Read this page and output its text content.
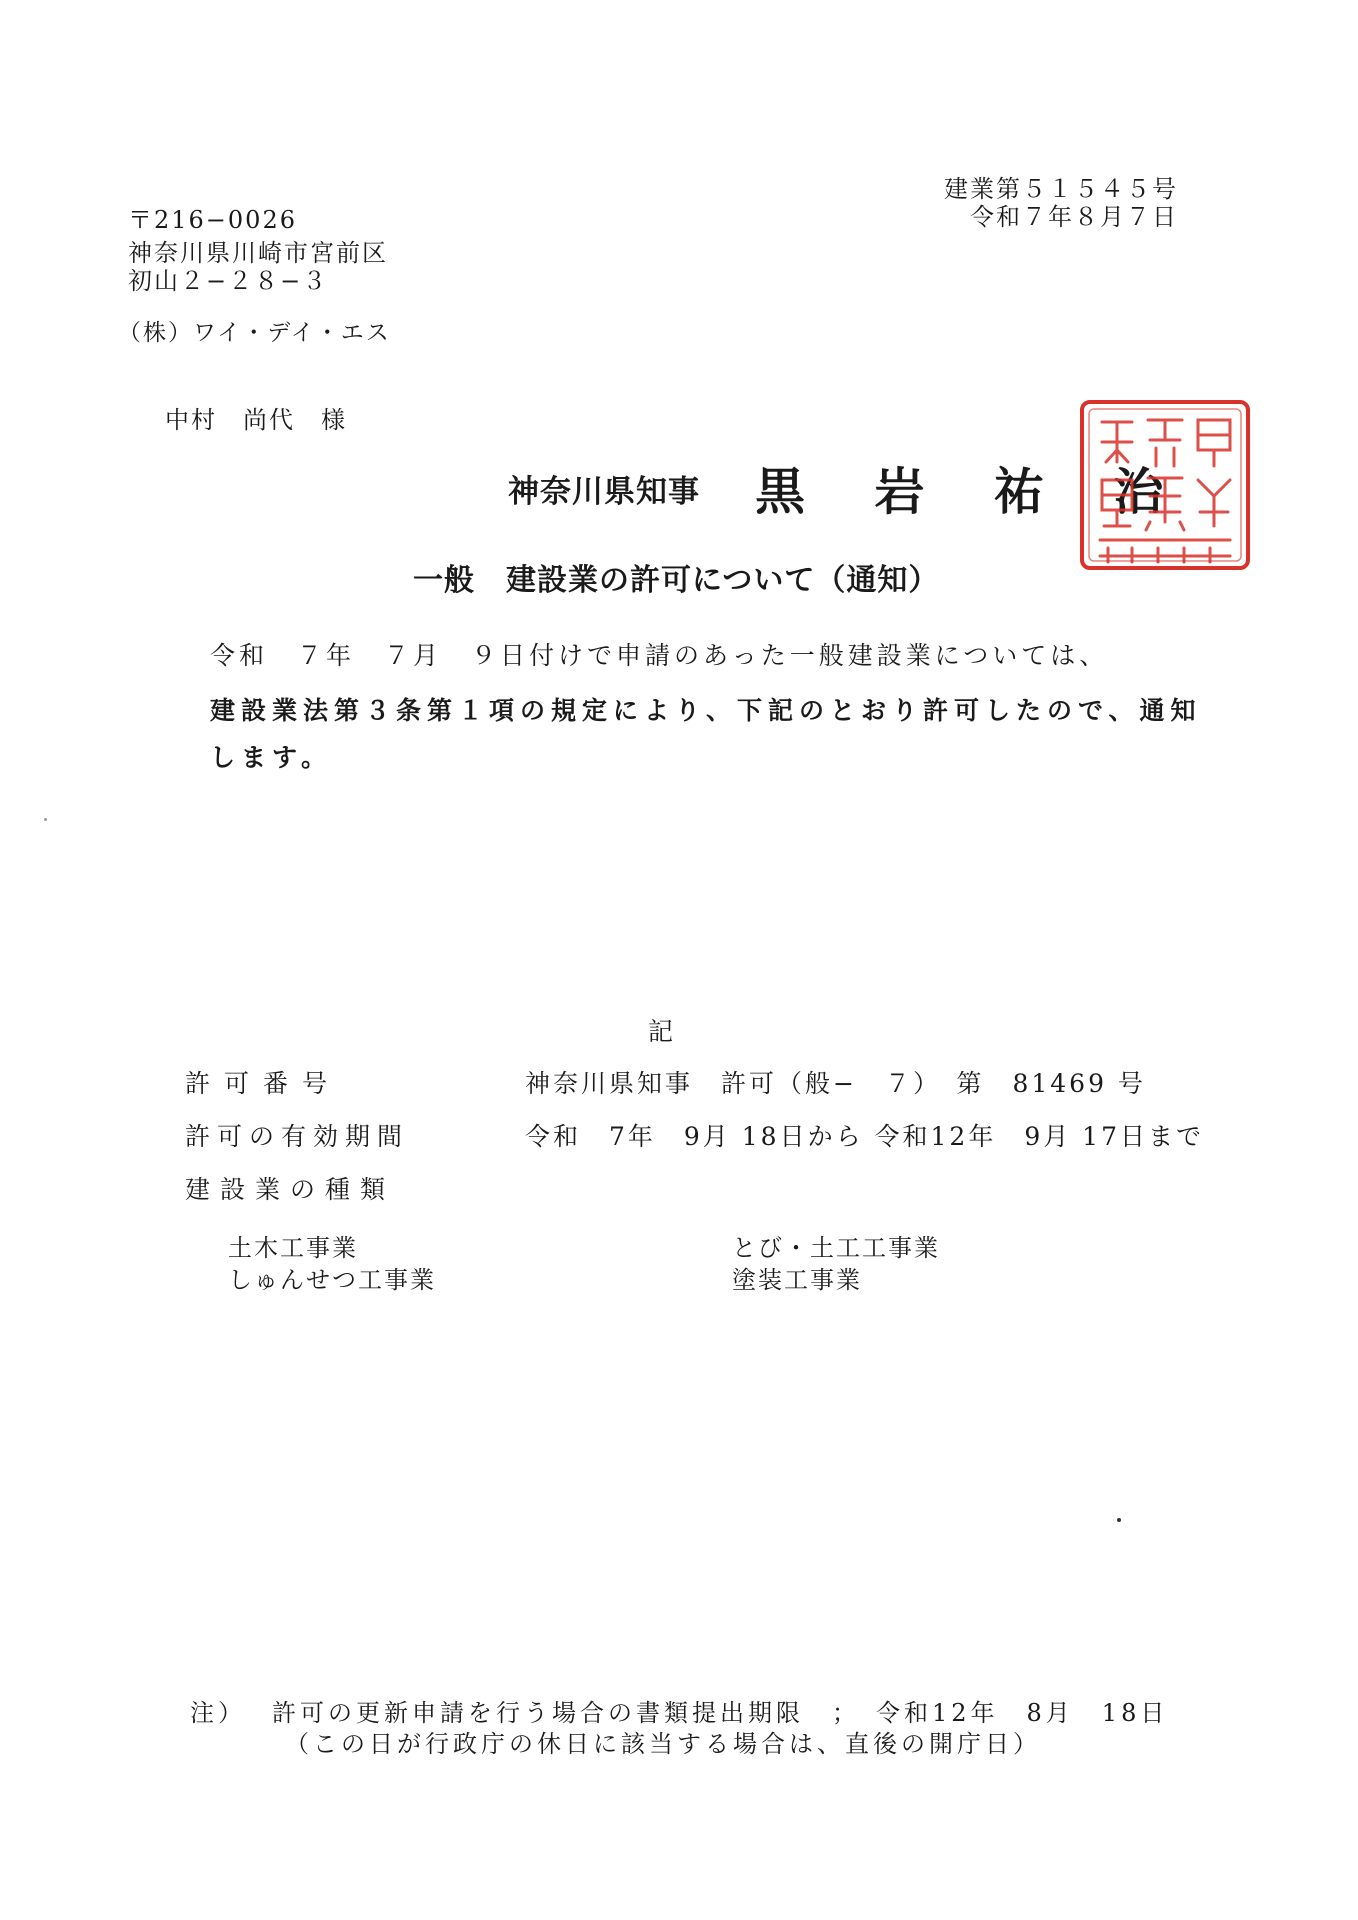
〒216−0026
神奈川県川崎市宮前区
初山２−２８−３
（株）ワイ・デイ・エス
中村　尚代　様
建業第５１５４５号
令和７年８月７日
神奈川県知事 黒 岩 祐 治
一般　建設業の許可について（通知）
令和　７年　７月　９日付けで申請のあった一般建設業については、
建設業法第３条第１項の規定により、下記のとおり許可したので、通知
します。
記
許可番号	神奈川県知事　許可（般−　７）　第　81469 号
許可の有効期間	令和　7年　9月 18日から 令和12年　9月 17日まで
建設業の種類
土木工事業
しゅんせつ工事業
とび・土工工事業
塗装工事業
注） 許可の更新申請を行う場合の書類提出期限　；　令和12年　8月　18日
（この日が行政庁の休日に該当する場合は、直後の開庁日）
